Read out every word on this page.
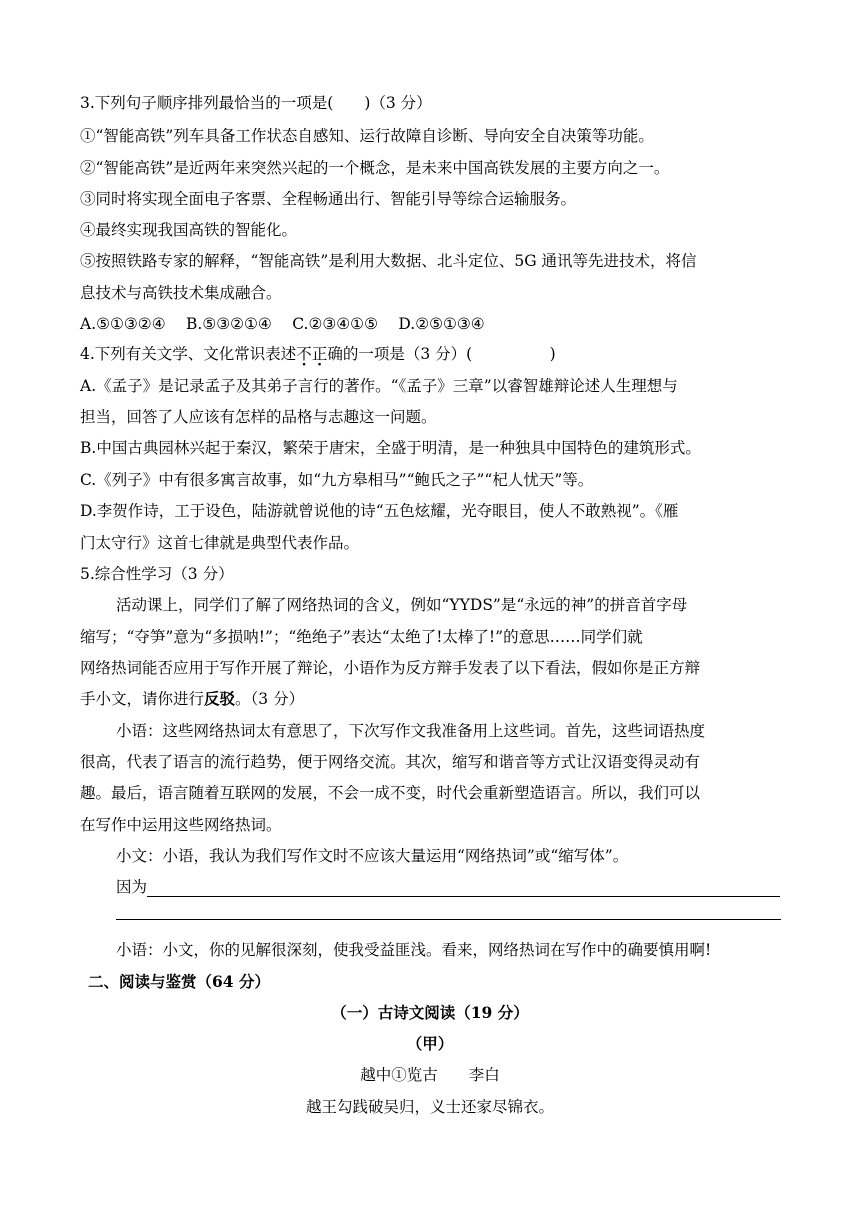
3.下列句子顺序排列最恰当的一项是(　　)（3 分）
①“智能高铁”列车具备工作状态自感知、运行故障自诊断、导向安全自决策等功能。
②“智能高铁”是近两年来突然兴起的一个概念，是未来中国高铁发展的主要方向之一。
③同时将实现全面电子客票、全程畅通出行、智能引导等综合运输服务。
④最终实现我国高铁的智能化。
⑤按照铁路专家的解释，“智能高铁”是利用大数据、北斗定位、5G 通讯等先进技术，将信
息技术与高铁技术集成融合。
A.⑤①③②④　 B.⑤③②①④　 C.②③④①⑤　 D.②⑤①③④
4.下列有关文学、文化常识表述不正确的一项是（3 分）(　　　　　)
A.《孟子》是记录孟子及其弟子言行的著作。“《孟子》三章”以睿智雄辩论述人生理想与
担当，回答了人应该有怎样的品格与志趣这一问题。
B.中国古典园林兴起于秦汉，繁荣于唐宋，全盛于明清，是一种独具中国特色的建筑形式。
C.《列子》中有很多寓言故事，如“九方皋相马”“鲍氏之子”“杞人忧天”等。
D.李贺作诗，工于设色，陆游就曾说他的诗“五色炫耀，光夺眼目，使人不敢熟视”。《雁
门太守行》这首七律就是典型代表作品。
5.综合性学习（3 分）
活动课上，同学们了解了网络热词的含义，例如“YYDS”是“永远的神”的拼音首字母
缩写；“夺笋”意为“多损呐!”；“绝绝子”表达“太绝了!太棒了!”的意思……同学们就
网络热词能否应用于写作开展了辩论，小语作为反方辩手发表了以下看法，假如你是正方辩
手小文，请你进行反驳。（3 分）
小语：这些网络热词太有意思了，下次写作文我准备用上这些词。首先，这些词语热度
很高，代表了语言的流行趋势，便于网络交流。其次，缩写和谐音等方式让汉语变得灵动有
趣。最后，语言随着互联网的发展，不会一成不变，时代会重新塑造语言。所以，我们可以
在写作中运用这些网络热词。
小文：小语，我认为我们写作文时不应该大量运用“网络热词”或“缩写体”。
因为
小语：小文，你的见解很深刻，使我受益匪浅。看来，网络热词在写作中的确要慎用啊!
二、阅读与鉴赏（64 分）
（一）古诗文阅读（19 分）
（甲）
越中①览古　　李白
越王勾践破吴归，义士还家尽锦衣。
